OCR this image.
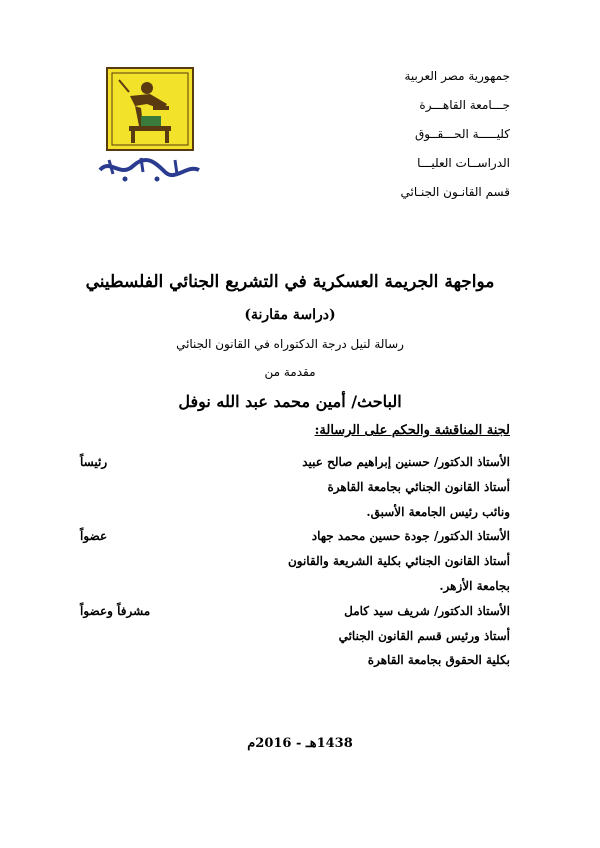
جمهورية مصر العربية
جـــامعة القاهـــرة
كليـــــة الحـــقــوق
الدراســات العليـــا
قسم القانـون الجنـائي
مواجهة الجريمة العسكرية في التشريع الجنائي الفلسطيني
(دراسة مقارنة)
رسالة لنيل درجة الدكتوراه في القانون الجنائي
مقدمة من
الباحث/ أمين محمد عبد الله نوفل
لجنة المناقشة والحكم على الرسالة:
الأستاذ الدكتور/ حسنين إبراهيم صالح عبيد
رئيساً
أستاذ القانون الجنائي بجامعة القاهرة
ونائب رئيس الجامعة الأسبق.
الأستاذ الدكتور/ جودة حسين محمد جهاد
عضواً
أستاذ القانون الجنائي بكلية الشريعة والقانون
بجامعة الأزهر.
الأستاذ الدكتور/ شريف سيد كامل
مشرفاً وعضواً
أستاذ ورئيس قسم القانون الجنائي
بكلية الحقوق بجامعة القاهرة
1438هـ - 2016م
